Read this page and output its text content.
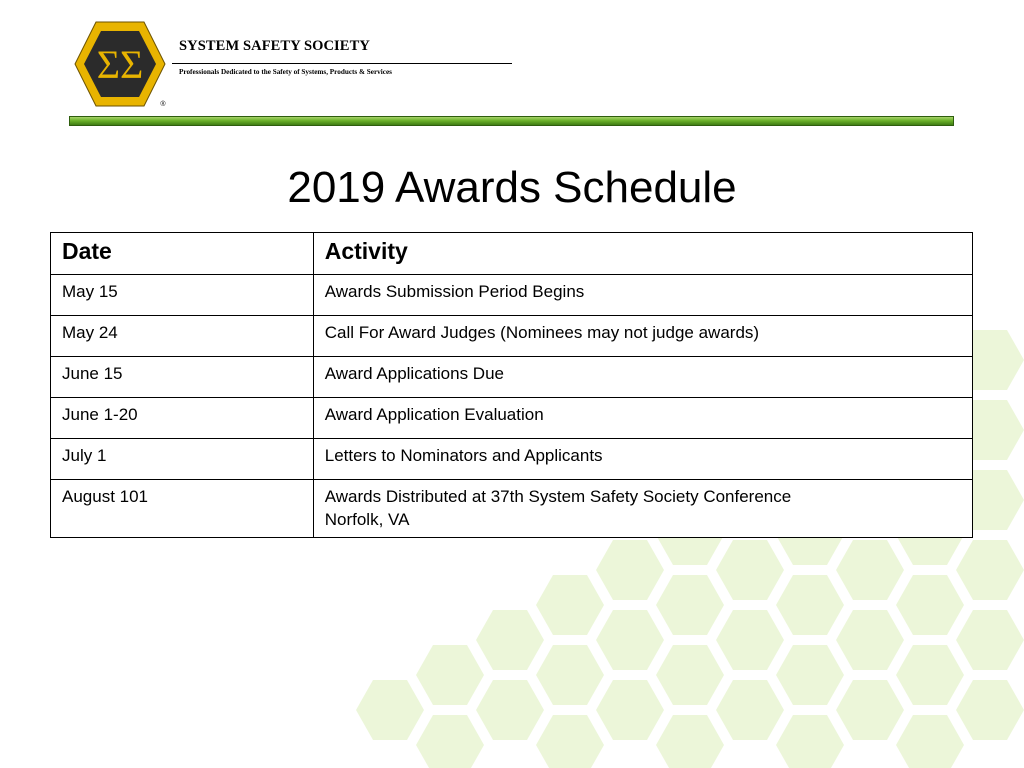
ΣΣ
®
SYSTEM SAFETY SOCIETY
Professionals Dedicated to the Safety of Systems, Products & Services
2019 Awards Schedule
Date	Activity
May 15	Awards Submission Period Begins
May 24	Call For Award Judges (Nominees may not judge awards)
June 15	Award Applications Due
June 1-20	Award Application Evaluation
July 1	Letters to Nominators and Applicants
August 101	Awards Distributed at 37th System Safety Society Conference
Norfolk, VA
